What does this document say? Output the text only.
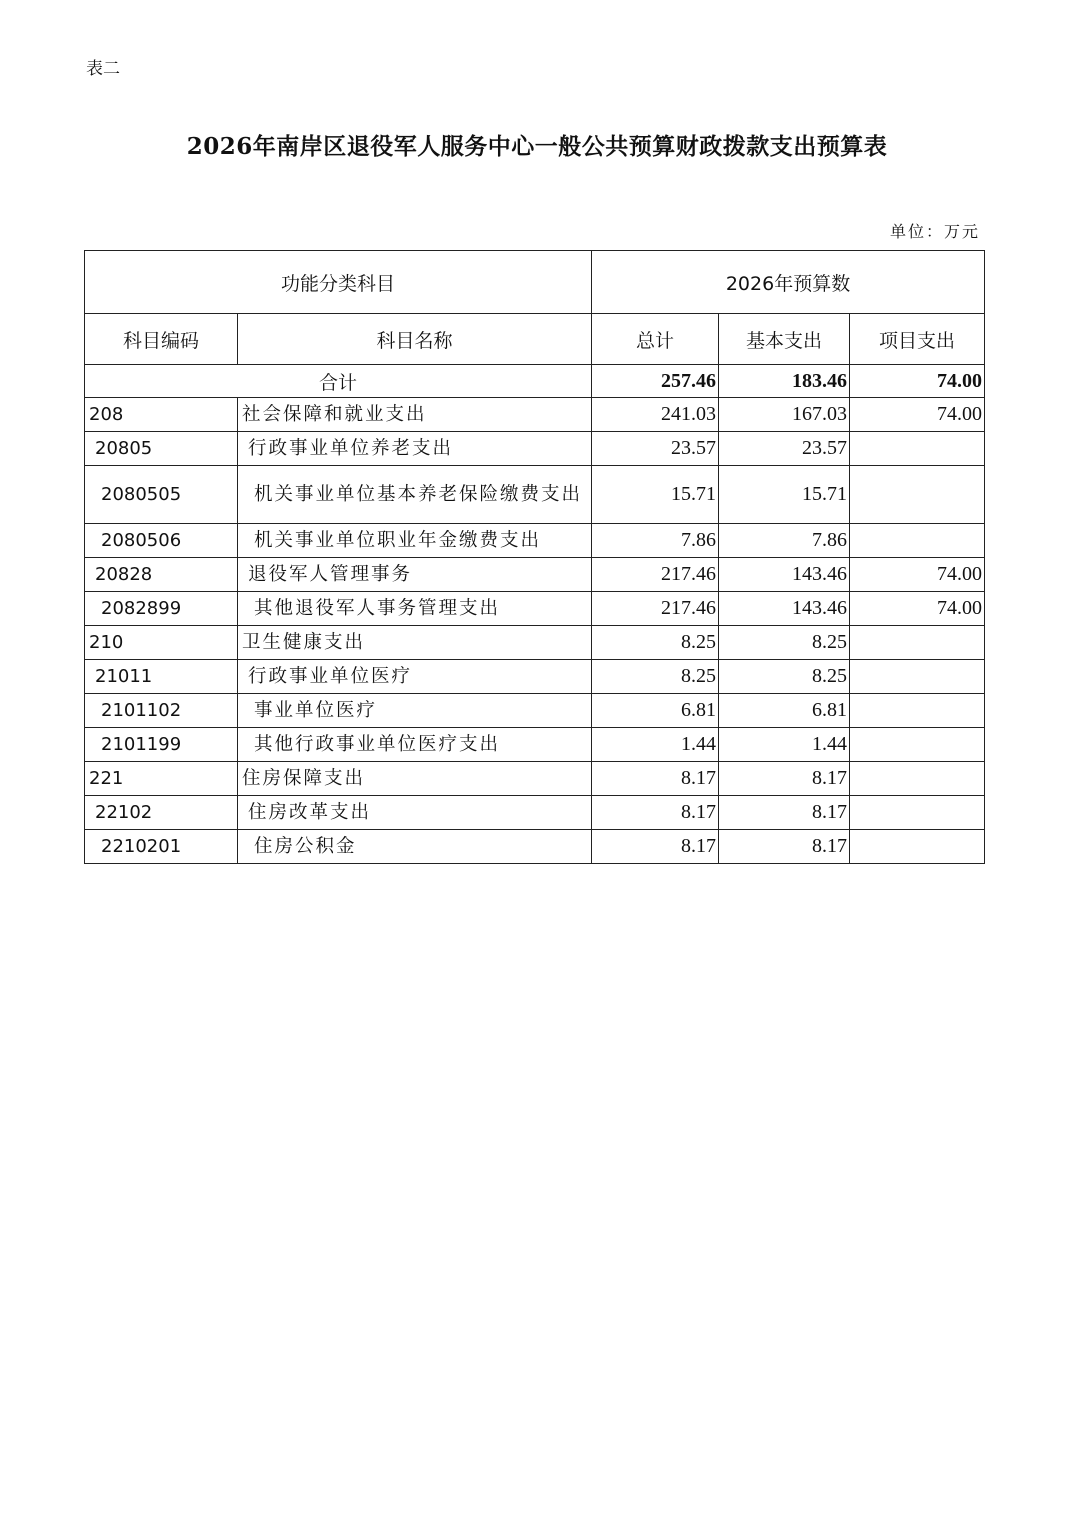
表二
2026年南岸区退役军人服务中心一般公共预算财政拨款支出预算表
单位：万元
功能分类科目		2026年预算数		
科目编码	科目名称	总计	基本支出	项目支出
合计		257.46	183.46	74.00
208	社会保障和就业支出	241.03	167.03	74.00
20805	行政事业单位养老支出	23.57	23.57	
2080505	机关事业单位基本养老保险缴费支出	15.71	15.71	
2080506	机关事业单位职业年金缴费支出	7.86	7.86	
20828	退役军人管理事务	217.46	143.46	74.00
2082899	其他退役军人事务管理支出	217.46	143.46	74.00
210	卫生健康支出	8.25	8.25	
21011	行政事业单位医疗	8.25	8.25	
2101102	事业单位医疗	6.81	6.81	
2101199	其他行政事业单位医疗支出	1.44	1.44	
221	住房保障支出	8.17	8.17	
22102	住房改革支出	8.17	8.17	
2210201	住房公积金	8.17	8.17	
